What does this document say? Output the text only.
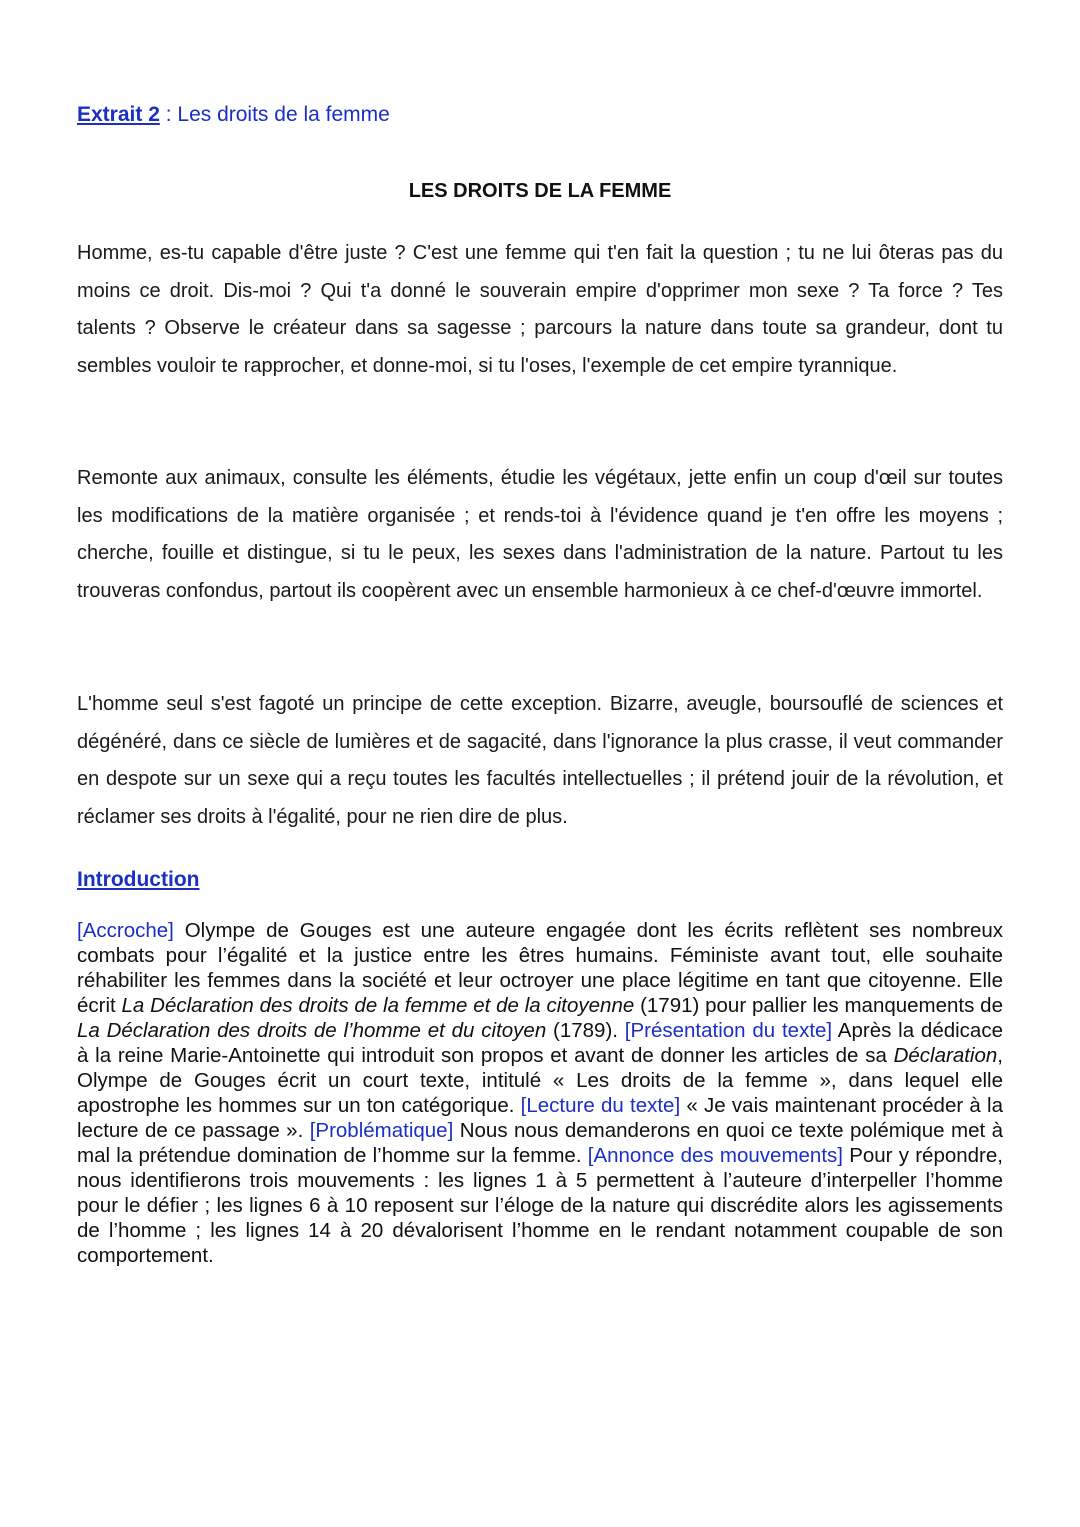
Extrait 2 : Les droits de la femme
LES DROITS DE LA FEMME

Homme, es-tu capable d'être juste ? C'est une femme qui t'en fait la question ; tu ne lui ôteras pas du moins ce droit. Dis-moi ? Qui t'a donné le souverain empire d'opprimer mon sexe ? Ta force ? Tes talents ? Observe le créateur dans sa sagesse ; parcours la nature dans toute sa grandeur, dont tu sembles vouloir te rapprocher, et donne-moi, si tu l'oses, l'exemple de cet empire tyrannique.

Remonte aux animaux, consulte les éléments, étudie les végétaux, jette enfin un coup d'œil sur toutes les modifications de la matière organisée ; et rends-toi à l'évidence quand je t'en offre les moyens ; cherche, fouille et distingue, si tu le peux, les sexes dans l'administration de la nature. Partout tu les trouveras confondus, partout ils coopèrent avec un ensemble harmonieux à ce chef-d'œuvre immortel.

L'homme seul s'est fagoté un principe de cette exception. Bizarre, aveugle, boursouflé de sciences et dégénéré, dans ce siècle de lumières et de sagacité, dans l'ignorance la plus crasse, il veut commander en despote sur un sexe qui a reçu toutes les facultés intellectuelles ; il prétend jouir de la révolution, et réclamer ses droits à l'égalité, pour ne rien dire de plus.

Introduction

[Accroche] Olympe de Gouges est une auteure engagée dont les écrits reflètent ses nombreux combats pour l’égalité et la justice entre les êtres humains. Féministe avant tout, elle souhaite réhabiliter les femmes dans la société et leur octroyer une place légitime en tant que citoyenne. Elle écrit La Déclaration des droits de la femme et de la citoyenne (1791) pour pallier les manquements de La Déclaration des droits de l’homme et du citoyen (1789). [Présentation du texte] Après la dédicace à la reine Marie-Antoinette qui introduit son propos et avant de donner les articles de sa Déclaration, Olympe de Gouges écrit un court texte, intitulé « Les droits de la femme », dans lequel elle apostrophe les hommes sur un ton catégorique. [Lecture du texte] « Je vais maintenant procéder à la lecture de ce passage ». [Problématique] Nous nous demanderons en quoi ce texte polémique met à mal la prétendue domination de l’homme sur la femme. [Annonce des mouvements] Pour y répondre, nous identifierons trois mouvements : les lignes 1 à 5 permettent à l’auteure d’interpeller l’homme pour le défier ; les lignes 6 à 10 reposent sur l’éloge de la nature qui discrédite alors les agissements de l’homme ; les lignes 14 à 20 dévalorisent l’homme en le rendant notamment coupable de son comportement.
